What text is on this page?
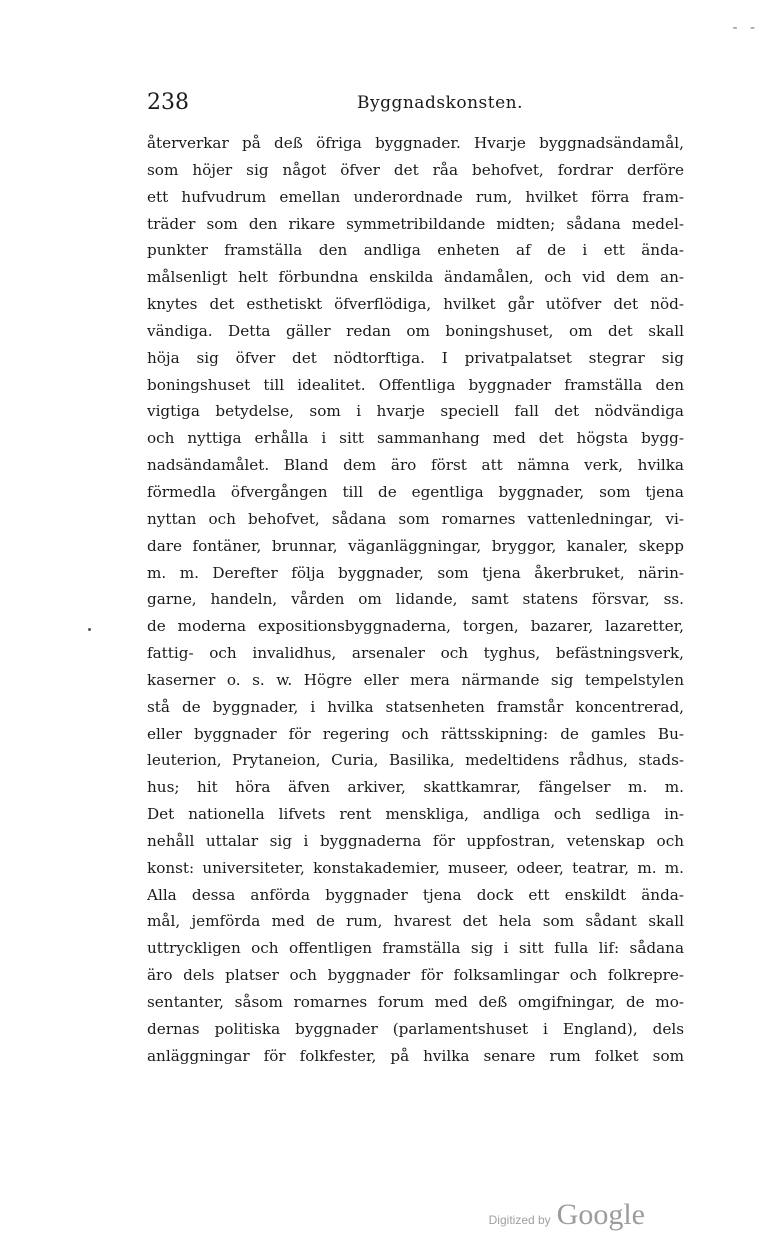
- -
238	Byggnadskonsten.
återverkar på deß öfriga byggnader. Hvarje byggnadsändamål,
som höjer sig något öfver det råa behofvet, fordrar derföre
ett hufvudrum emellan underordnade rum, hvilket förra fram-
träder som den rikare symmetribildande midten; sådana medel-
punkter framställa den andliga enheten af de i ett ända-
målsenligt helt förbundna enskilda ändamålen, och vid dem an-
knytes det esthetiskt öfverflödiga, hvilket går utöfver det nöd-
vändiga. Detta gäller redan om boningshuset, om det skall
höja sig öfver det nödtorftiga. I privatpalatset stegrar sig
boningshuset till idealitet. Offentliga byggnader framställa den
vigtiga betydelse, som i hvarje speciell fall det nödvändiga
och nyttiga erhålla i sitt sammanhang med det högsta bygg-
nadsändamålet. Bland dem äro först att nämna verk, hvilka
förmedla öfvergången till de egentliga byggnader, som tjena
nyttan och behofvet, sådana som romarnes vattenledningar, vi-
dare fontäner, brunnar, väganläggningar, bryggor, kanaler, skepp
m. m. Derefter följa byggnader, som tjena åkerbruket, närin-
garne, handeln, vården om lidande, samt statens försvar, ss.
de moderna expositionsbyggnaderna, torgen, bazarer, lazaretter,
fattig- och invalidhus, arsenaler och tyghus, befästningsverk,
kaserner o. s. w. Högre eller mera närmande sig tempelstylen
stå de byggnader, i hvilka statsenheten framstår koncentrerad,
eller byggnader för regering och rättsskipning: de gamles Bu-
leuterion, Prytaneion, Curia, Basilika, medeltidens rådhus, stads-
hus; hit höra äfven arkiver, skattkamrar, fängelser m. m.
Det nationella lifvets rent menskliga, andliga och sedliga in-
nehåll uttalar sig i byggnaderna för uppfostran, vetenskap och
konst: universiteter, konstakademier, museer, odeer, teatrar, m. m.
Alla dessa anförda byggnader tjena dock ett enskildt ända-
mål, jemförda med de rum, hvarest det hela som sådant skall
uttryckligen och offentligen framställa sig i sitt fulla lif: sådana
äro dels platser och byggnader för folksamlingar och folkrepre-
sentanter, såsom romarnes forum med deß omgifningar, de mo-
dernas politiska byggnader (parlamentshuset i England), dels
anläggningar för folkfester, på hvilka senare rum folket som
Digitized by Google
